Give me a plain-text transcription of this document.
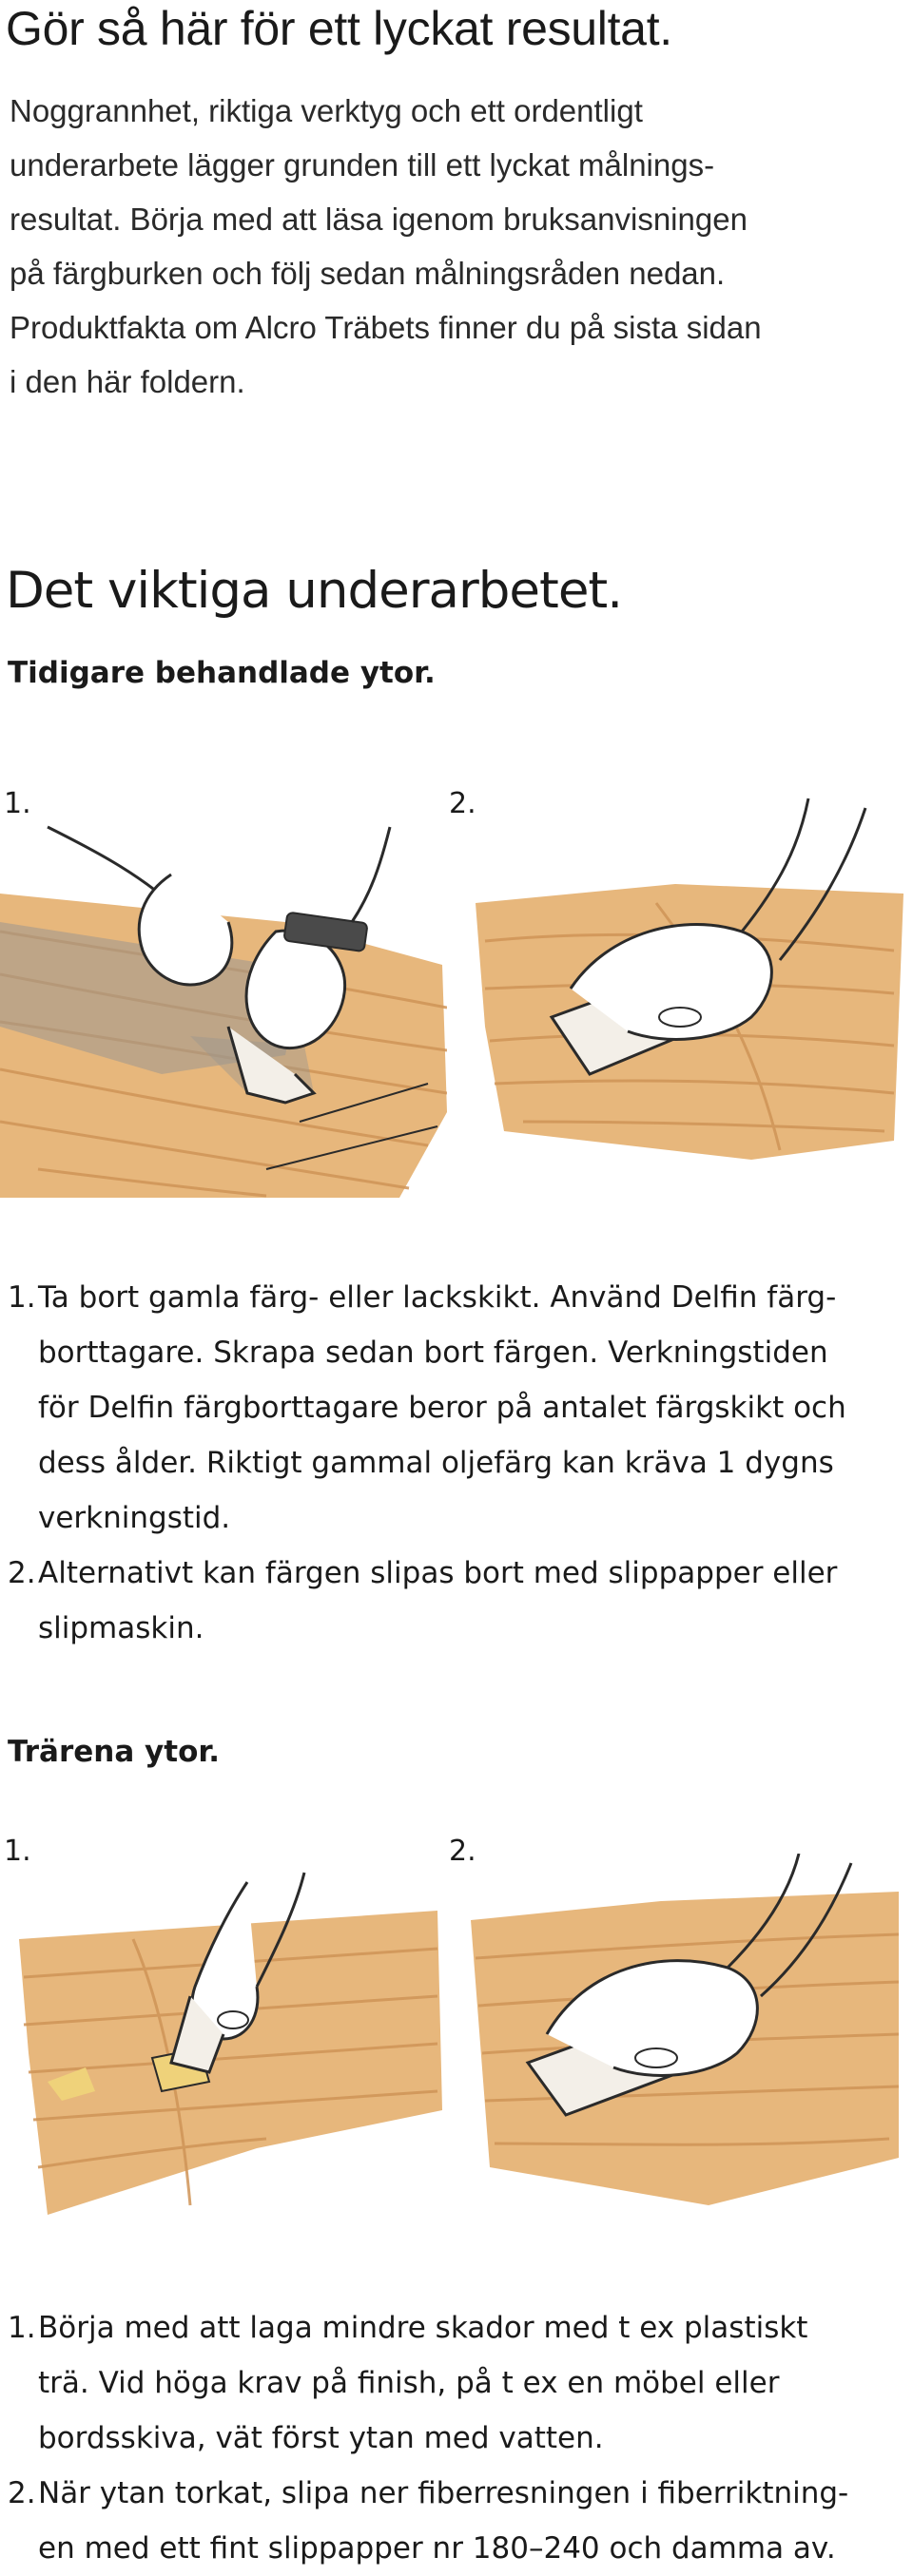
Gör så här för ett lyckat resultat.

Noggrannhet, riktiga verktyg och ett ordentligt
underarbete lägger grunden till ett lyckat målnings-
resultat. Börja med att läsa igenom bruksanvisningen
på färgburken och följ sedan målningsråden nedan.
Produktfakta om Alcro Träbets finner du på sista sidan
i den här foldern.

Det viktiga underarbetet.
Tidigare behandlade ytor.
1.	2.
1. Ta bort gamla färg- eller lackskikt. Använd Delfin färg-
borttagare. Skrapa sedan bort färgen. Verkningstiden
för Delfin färgborttagare beror på antalet färgskikt och
dess ålder. Riktigt gammal oljefärg kan kräva 1 dygns
verkningstid.
2. Alternativt kan färgen slipas bort med slippapper eller
slipmaskin.
Trärena ytor.
1.	2.
1. Börja med att laga mindre skador med t ex plastiskt
trä. Vid höga krav på finish, på t ex en möbel eller
bordsskiva, vät först ytan med vatten.
2. När ytan torkat, slipa ner fiberresningen i fiberriktning-
en med ett fint slippapper nr 180–240 och damma av.
